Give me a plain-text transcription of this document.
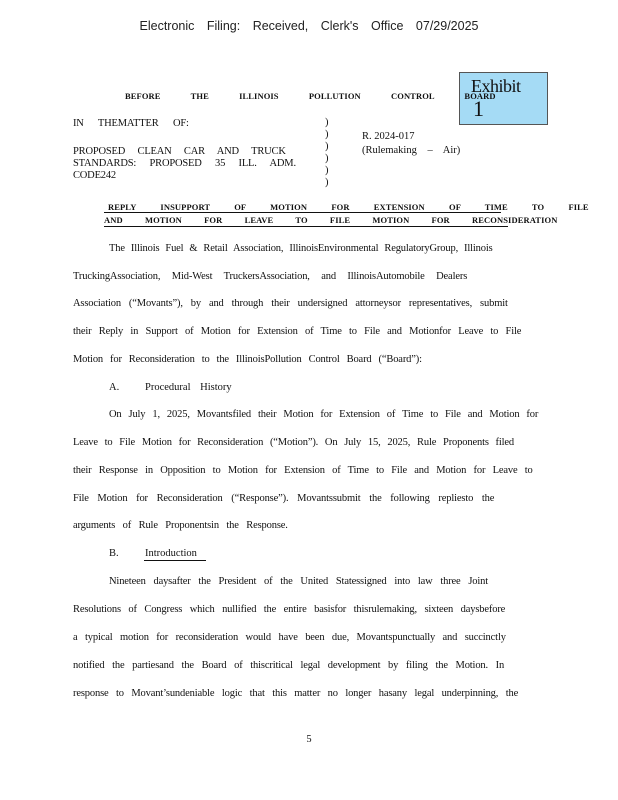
Electronic Filing: Received, Clerk's Office 07/29/2025
Exhibit
1
BEFORE THE ILLINOIS POLLUTION CONTROL BOARD
IN THEMATTER OF:
PROPOSED CLEAN CAR AND TRUCK
STANDARDS: PROPOSED 35 ILL. ADM.
CODE242
)
)
)
)
)
)
R. 2024-017
(Rulemaking – Air)
REPLY INSUPPORT OF MOTION FOR EXTENSION OF TIME TO FILE
AND MOTION FOR LEAVE TO FILE MOTION FOR RECONSIDERATION
The Illinois Fuel & Retail Association, IllinoisEnvironmental RegulatoryGroup, Illinois
TruckingAssociation, Mid-West TruckersAssociation, and IllinoisAutomobile Dealers
Association (“Movants”), by and through their undersigned attorneysor representatives, submit
their Reply in Support of Motion for Extension of Time to File and Motionfor Leave to File
Motion for Reconsideration to the IllinoisPollution Control Board (“Board”):
A. Procedural History
On July 1, 2025, Movantsfiled their Motion for Extension of Time to File and Motion for
Leave to File Motion for Reconsideration (“Motion”). On July 15, 2025, Rule Proponents filed
their Response in Opposition to Motion for Extension of Time to File and Motion for Leave to
File Motion for Reconsideration (“Response”). Movantssubmit the following repliesto the
arguments of Rule Proponentsin the Response.
B.	Introduction
Nineteen daysafter the President of the United Statessigned into law three Joint
Resolutions of Congress which nullified the entire basisfor thisrulemaking, sixteen daysbefore
a typical motion for reconsideration would have been due, Movantspunctually and succinctly
notified the partiesand the Board of thiscritical legal development by filing the Motion. In
response to Movant’sundeniable logic that this matter no longer hasany legal underpinning, the
5
